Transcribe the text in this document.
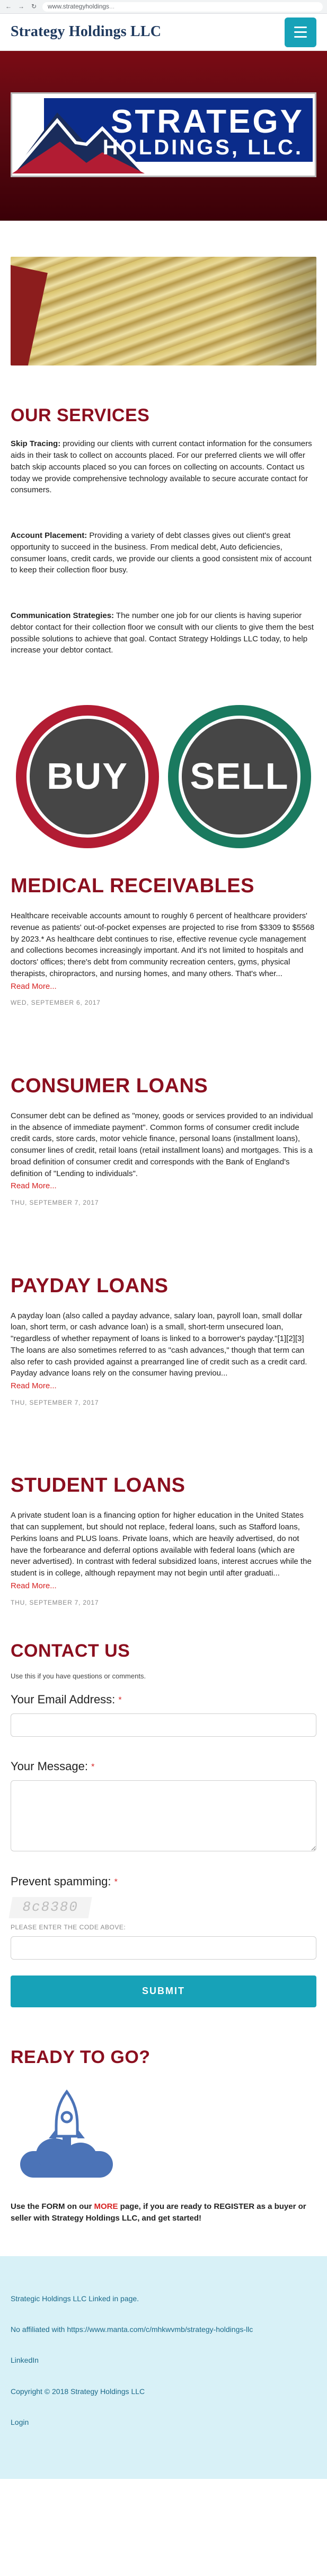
← → ↻ www.strategyholdings ...
Strategy Holdings LLC
STRATEGY
HOLDINGS, LLC.
OUR SERVICES

Skip Tracing: providing our clients with current contact information for the consumers aids in their task to collect on accounts placed. For our preferred clients we will offer batch skip accounts placed so you can forces on collecting on accounts. Contact us today we provide comprehensive technology available to secure accurate contact for consumers.

Account Placement: Providing a variety of debt classes gives out client's great opportunity to succeed in the business. From medical debt, Auto deficiencies, consumer loans, credit cards, we provide our clients a good consistent mix of account to keep their collection floor busy.

Communication Strategies: The number one job for our clients is having superior debtor contact for their collection floor we consult with our clients to give them the best possible solutions to achieve that goal. Contact Strategy Holdings LLC today, to help increase your debtor contact.

BUY	SELL
MEDICAL RECEIVABLES

Healthcare receivable accounts amount to roughly 6 percent of healthcare providers' revenue as patients' out-of-pocket expenses are projected to rise from $3309 to $5568 by 2023.* As healthcare debt continues to rise, effective revenue cycle management and collections becomes increasingly important. And it's not limited to hospitals and doctors' offices; there's debt from community recreation centers, gyms, physical therapists, chiropractors, and nursing homes, and many others. That's wher...

Read More...
WED, SEPTEMBER 6, 2017
CONSUMER LOANS

Consumer debt can be defined as "money, goods or services provided to an individual in the absence of immediate payment". Common forms of consumer credit include credit cards, store cards, motor vehicle finance, personal loans (installment loans), consumer lines of credit, retail loans (retail installment loans) and mortgages. This is a broad definition of consumer credit and corresponds with the Bank of England's definition of "Lending to individuals".

Read More...
THU, SEPTEMBER 7, 2017
PAYDAY LOANS

A payday loan (also called a payday advance, salary loan, payroll loan, small dollar loan, short term, or cash advance loan) is a small, short-term unsecured loan, "regardless of whether repayment of loans is linked to a borrower's payday."[1][2][3] The loans are also sometimes referred to as "cash advances," though that term can also refer to cash provided against a prearranged line of credit such as a credit card. Payday advance loans rely on the consumer having previou...

Read More...
THU, SEPTEMBER 7, 2017
STUDENT LOANS

A private student loan is a financing option for higher education in the United States that can supplement, but should not replace, federal loans, such as Stafford loans, Perkins loans and PLUS loans. Private loans, which are heavily advertised, do not have the forbearance and deferral options available with federal loans (which are never advertised). In contrast with federal subsidized loans, interest accrues while the student is in college, although repayment may not begin until after graduati...

Read More...
THU, SEPTEMBER 7, 2017
CONTACT US
Use this if you have questions or comments.
Your Email Address: *
Your Message: *
Prevent spamming: *
8c8380
PLEASE ENTER THE CODE ABOVE:
SUBMIT
READY TO GO?

Use the FORM on our MORE page, if you are ready to REGISTER as a buyer or seller with Strategy Holdings LLC, and get started!

Strategic Holdings LLC Linked in page.

No affiliated with https://www.manta.com/c/mhkwvmb/strategy-holdings-llc

LinkedIn

Copyright © 2018 Strategy Holdings LLC

Login
